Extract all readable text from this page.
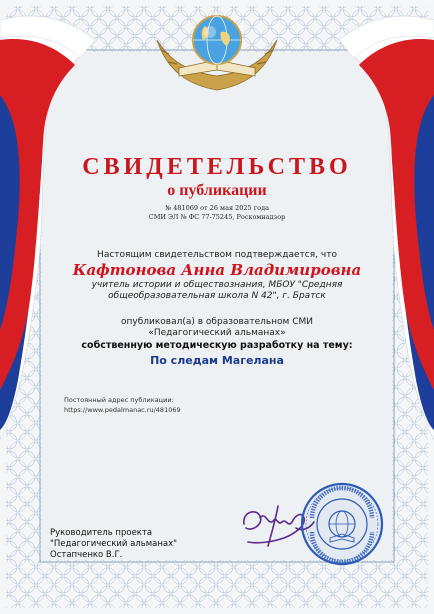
СВИДЕТЕЛЬСТВО
о публикации
№ 481069 от 26 мая 2025 года
СМИ ЭЛ № ФС 77-75245, Роскомнадзор
Настоящим свидетельством подтверждается, что
Кафтонова Анна Владимировна
учитель истории и обществознания, МБОУ "Средняя
общеобразовательная школа N 42", г. Братск
опубликовал(а) в образовательном СМИ
«Педагогический альманах»
собственную методическую разработку на тему:
По следам Магелана
Постоянный адрес публикации:
https://www.pedalmanac.ru/481069
Руководитель проекта
"Педагогический альманах"
Остапченко В.Г.
